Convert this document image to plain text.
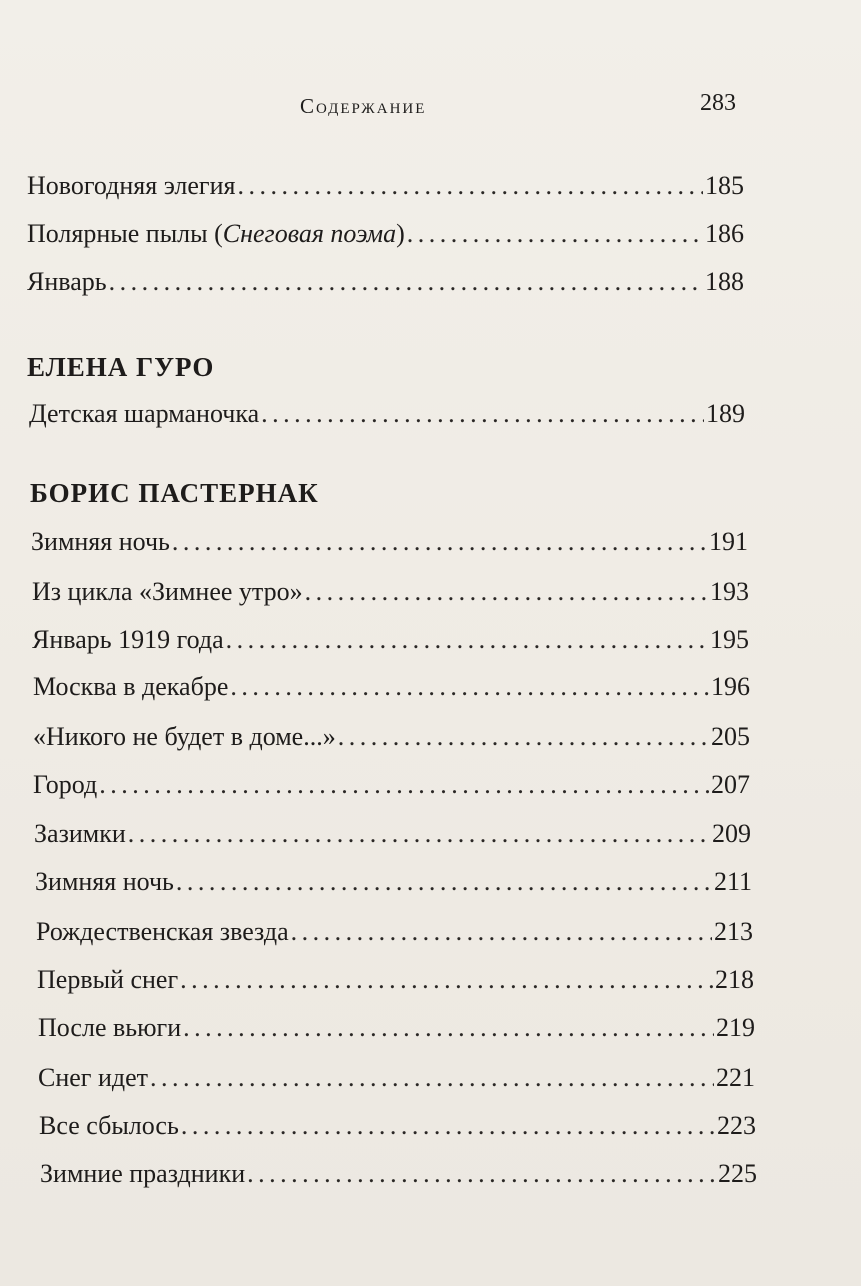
Содержание	283
Новогодняя элегия . . .	185
Полярные пылы (Снеговая поэма) . . .	186
Январь . . .	188
ЕЛЕНА ГУРО
Детская шарманочка . . .	189
БОРИС ПАСТЕРНАК
Зимняя ночь . . .	191
Из цикла «Зимнее утро» . . .	193
Январь 1919 года . . .	195
Москва в декабре . . .	196
«Никого не будет в доме...» . . .	205
Город . . .	207
Зазимки . . .	209
Зимняя ночь . . .	211
Рождественская звезда . . .	213
Первый снег . . .	218
После вьюги . . .	219
Снег идет . . .	221
Все сбылось . . .	223
Зимние праздники . . .	225
